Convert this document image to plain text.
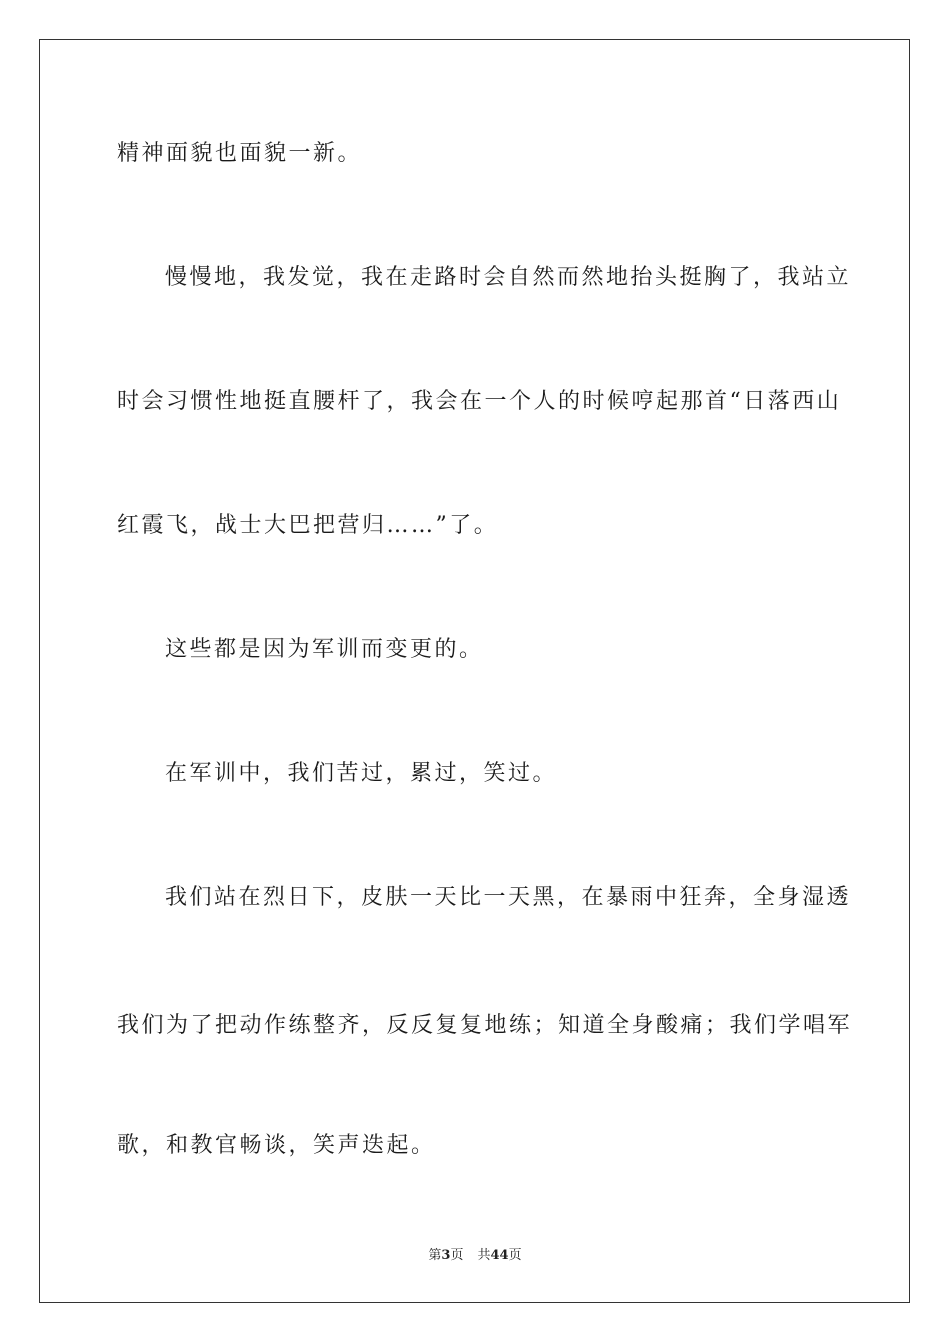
精神面貌也面貌一新。
慢慢地，我发觉，我在走路时会自然而然地抬头挺胸了，我站立
时会习惯性地挺直腰杆了，我会在一个人的时候哼起那首“日落西山
红霞飞，战士大巴把营归……”了。
这些都是因为军训而变更的。
在军训中，我们苦过，累过，笑过。
我们站在烈日下，皮肤一天比一天黑，在暴雨中狂奔，全身湿透
我们为了把动作练整齐，反反复复地练；知道全身酸痛；我们学唱军
歌，和教官畅谈，笑声迭起。
第3页 共44页
